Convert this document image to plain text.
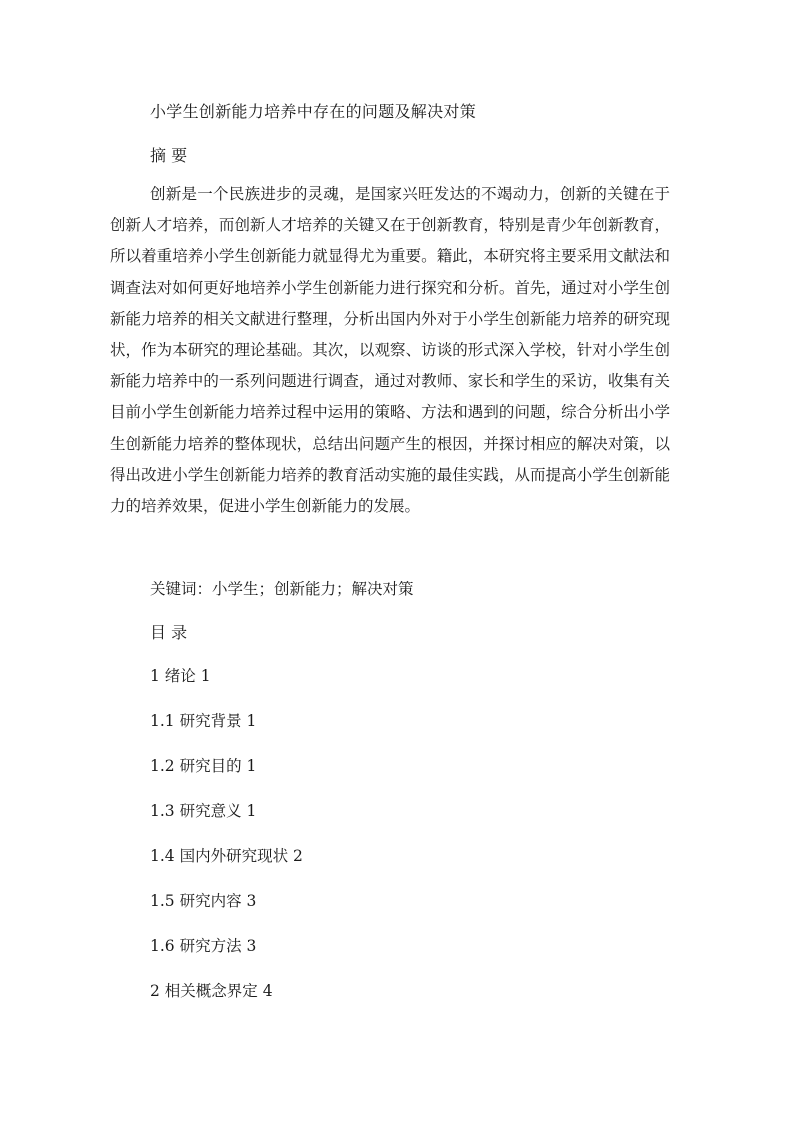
小学生创新能力培养中存在的问题及解决对策
摘 要
创新是一个民族进步的灵魂，是国家兴旺发达的不竭动力，创新的关键在于创新人才培养，而创新人才培养的关键又在于创新教育，特别是青少年创新教育，所以着重培养小学生创新能力就显得尤为重要。籍此，本研究将主要采用文献法和调查法对如何更好地培养小学生创新能力进行探究和分析。首先，通过对小学生创新能力培养的相关文献进行整理，分析出国内外对于小学生创新能力培养的研究现状，作为本研究的理论基础。其次，以观察、访谈的形式深入学校，针对小学生创新能力培养中的一系列问题进行调查，通过对教师、家长和学生的采访，收集有关目前小学生创新能力培养过程中运用的策略、方法和遇到的问题，综合分析出小学生创新能力培养的整体现状，总结出问题产生的根因，并探讨相应的解决对策，以得出改进小学生创新能力培养的教育活动实施的最佳实践，从而提高小学生创新能力的培养效果，促进小学生创新能力的发展。
关键词：小学生；创新能力；解决对策
目 录
1 绪论 1
1.1 研究背景 1
1.2 研究目的 1
1.3 研究意义 1
1.4 国内外研究现状 2
1.5 研究内容 3
1.6 研究方法 3
2 相关概念界定 4
